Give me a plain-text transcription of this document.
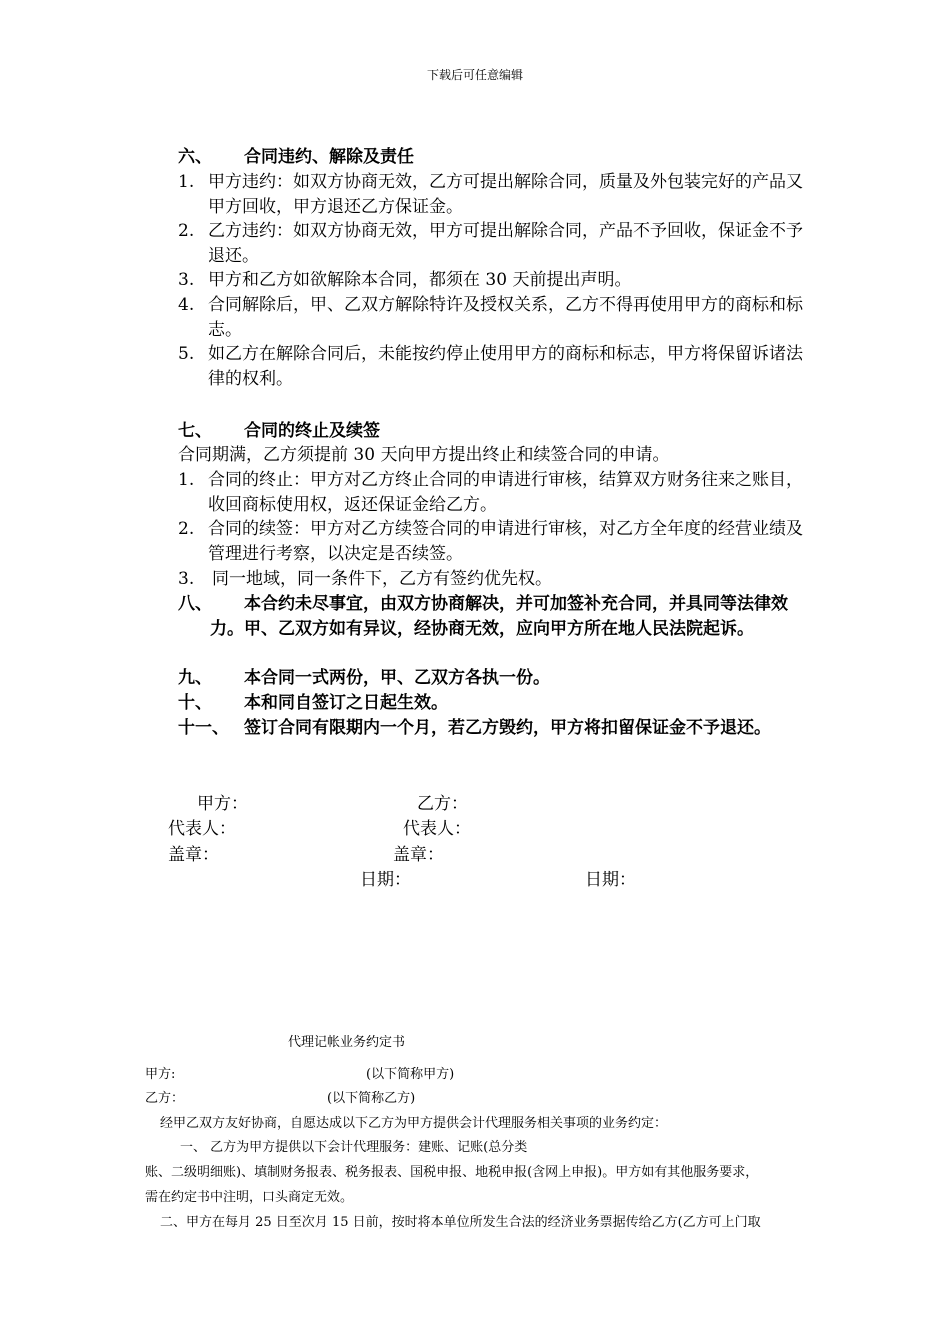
下载后可任意编辑
六、 合同违约、解除及责任
1. 甲方违约：如双方协商无效，乙方可提出解除合同，质量及外包装完好的产品又甲方回收，甲方退还乙方保证金。
2. 乙方违约：如双方协商无效，甲方可提出解除合同，产品不予回收，保证金不予退还。
3. 甲方和乙方如欲解除本合同，都须在 30 天前提出声明。
4. 合同解除后，甲、乙双方解除特许及授权关系，乙方不得再使用甲方的商标和标志。
5. 如乙方在解除合同后，未能按约停止使用甲方的商标和标志，甲方将保留诉诸法律的权利。
七、 合同的终止及续签
合同期满，乙方须提前 30 天向甲方提出终止和续签合同的申请。
1. 合同的终止：甲方对乙方终止合同的申请进行审核，结算双方财务往来之账目，收回商标使用权，返还保证金给乙方。
2. 合同的续签：甲方对乙方续签合同的申请进行审核，对乙方全年度的经营业绩及管理进行考察，以决定是否续签。
3. 同一地域，同一条件下，乙方有签约优先权。
八、	本合约未尽事宜，由双方协商解决，并可加签补充合同，并具同等法律效力。甲、乙双方如有异议，经协商无效，应向甲方所在地人民法院起诉。
九、 本合同一式两份，甲、乙双方各执一份。
十、 本和同自签订之日起生效。
十一、 签订合同有限期内一个月，若乙方毁约，甲方将扣留保证金不予退还。
甲方：	乙方：
代表人：	代表人：
盖章：	盖章：
日期：	日期：
代理记帐业务约定书
甲方:	(以下简称甲方)
乙方：	(以下简称乙方)
经甲乙双方友好协商，自愿达成以下乙方为甲方提供会计代理服务相关事项的业务约定：
一、 乙方为甲方提供以下会计代理服务：建账、记账(总分类
账、二级明细账)、填制财务报表、税务报表、国税申报、地税申报(含网上申报)。甲方如有其他服务要求，
需在约定书中注明，口头商定无效。
二、甲方在每月 25 日至次月 15 日前，按时将本单位所发生合法的经济业务票据传给乙方(乙方可上门取
